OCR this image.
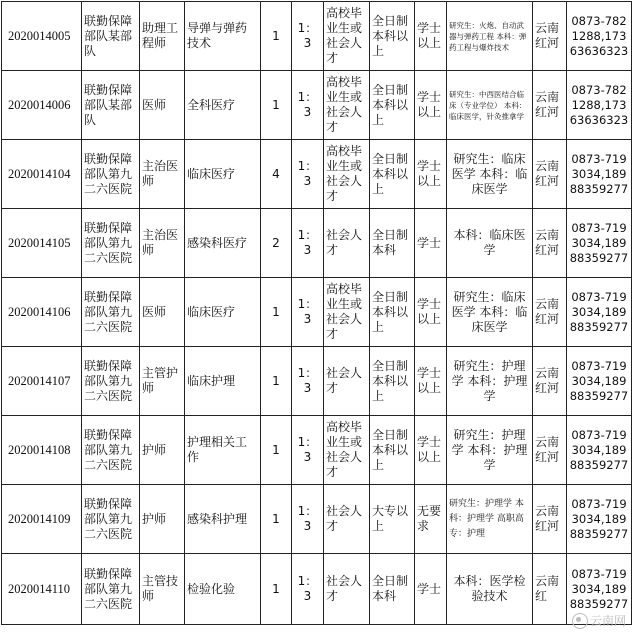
2020014005	联勤保障部队某部队	助理工程师	导弹与弹药技术	1	1：3	高校毕业生或社会人才	全日制本科以上	学士以上	研究生：火炮、自动武器与弹药工程 本科：弹药工程与爆炸技术	云南红河	0873-7821288,17363636323
2020014006	联勤保障部队某部队	医师	全科医疗	1	1：3	高校毕业生或社会人才	全日制本科以上	学士以上	研究生：中西医结合临床（专业学位） 本科：临床医学，针灸推拿学	云南红河	0873-7821288,17363636323
2020014104	联勤保障部队第九二六医院	主治医师	临床医疗	4	1：3	高校毕业生或社会人才	全日制本科以上	学士以上	研究生：临床医学 本科：临床医学	云南红河	0873-7193034,18988359277
2020014105	联勤保障部队第九二六医院	主治医师	感染科医疗	2	1：3	社会人才	全日制本科	学士	本科：临床医学	云南红河	0873-7193034,18988359277
2020014106	联勤保障部队第九二六医院	医师	临床医疗	1	1：3	高校毕业生或社会人才	全日制本科以上	学士以上	研究生：临床医学 本科：临床医学	云南红河	0873-7193034,18988359277
2020014107	联勤保障部队第九二六医院	主管护师	临床护理	1	1：3	社会人才	全日制本科以上	学士以上	研究生：护理学 本科：护理学	云南红河	0873-7193034,18988359277
2020014108	联勤保障部队第九二六医院	护师	护理相关工作	1	1：3	高校毕业生或社会人才	全日制本科以上	学士以上	研究生：护理学 本科：护理学	云南红河	0873-7193034,18988359277
2020014109	联勤保障部队第九二六医院	护师	感染科护理	1	1：3	社会人才	大专以上	无要求	研究生：护理学 本科：护理学 高职高专：护理	云南红河	0873-7193034,18988359277
2020014110	联勤保障部队第九二六医院	主管技师	检验化验	1	1：3	社会人才	全日制本科	学士	本科：医学检验技术	云南红	0873-7193034,18988359277
云南网
